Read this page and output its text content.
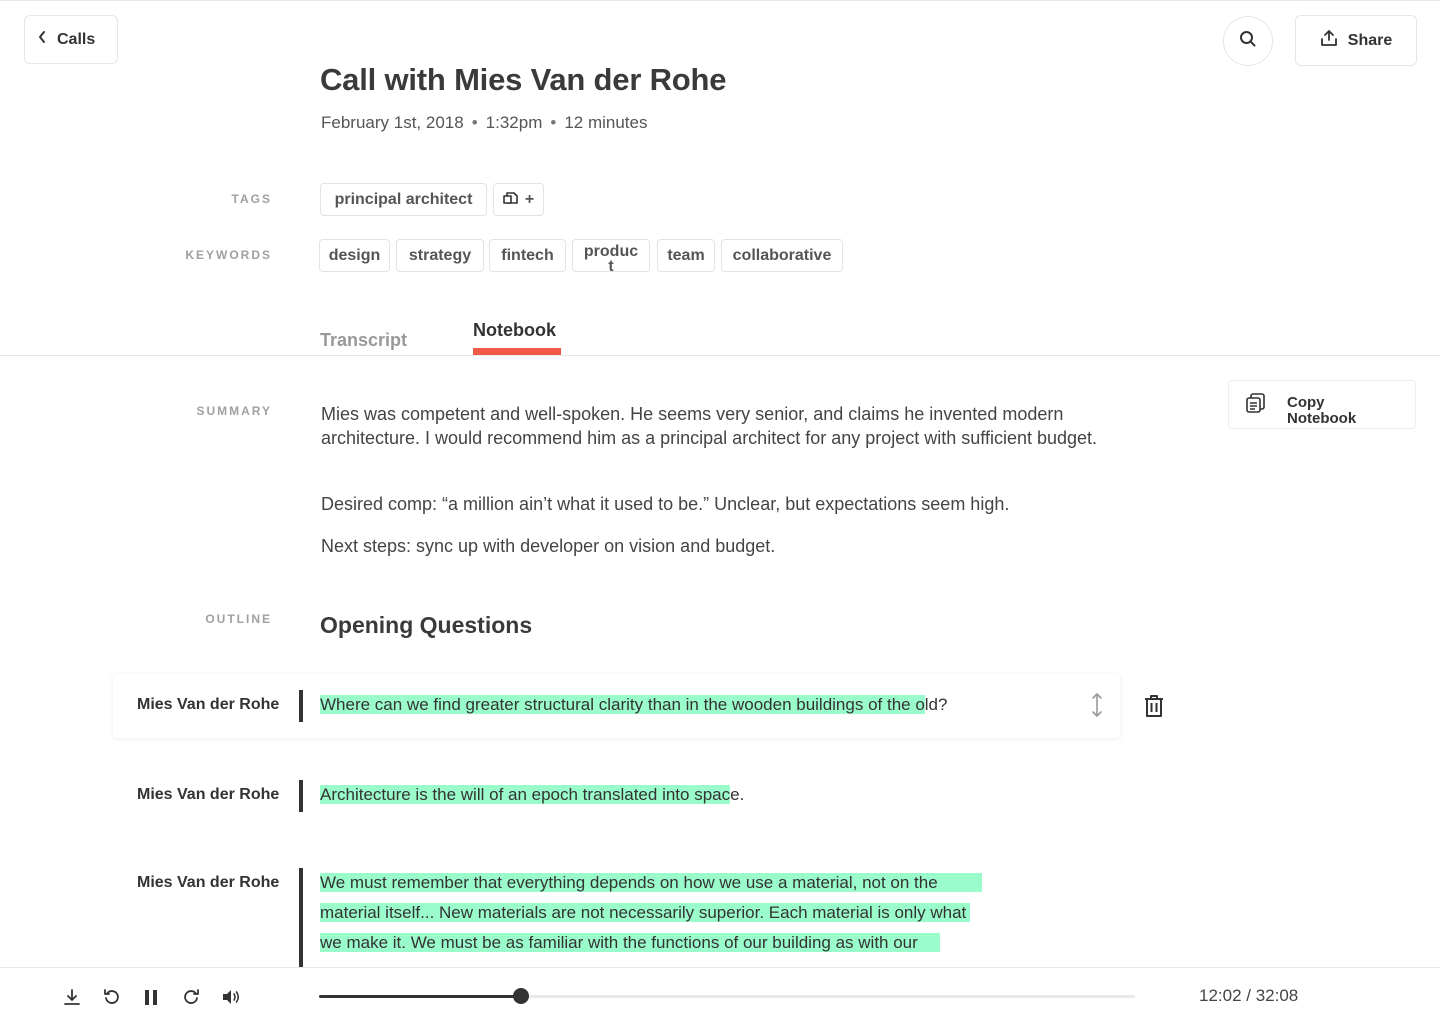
Calls	Share
Call with Mies Van der Rohe
February 1st, 2018 • 1:32pm • 12 minutes
TAGS	principal architect	+
KEYWORDS	design	strategy	fintech	produc
t
team	collaborative
Transcript	Notebook
Copy
Notebook
SUMMARY	Mies was competent and well-spoken. He seems very senior, and claims he invented modern architecture. I would recommend him as a principal architect for any project with sufficient budget.

Desired comp: “a million ain’t what it used to be.” Unclear, but expectations seem high.

Next steps: sync up with developer on vision and budget.

OUTLINE Opening Questions
Mies Van der Rohe Where can we find greater structural clarity than in the wooden buildings of the old?
Mies Van der Rohe Architecture is the will of an epoch translated into space.
Mies Van der Rohe We must remember that everything depends on how we use a material, not on the
material itself... New materials are not necessarily superior. Each material is only what
we make it. We must be as familiar with the functions of our building as with our
12:02 / 32:08
